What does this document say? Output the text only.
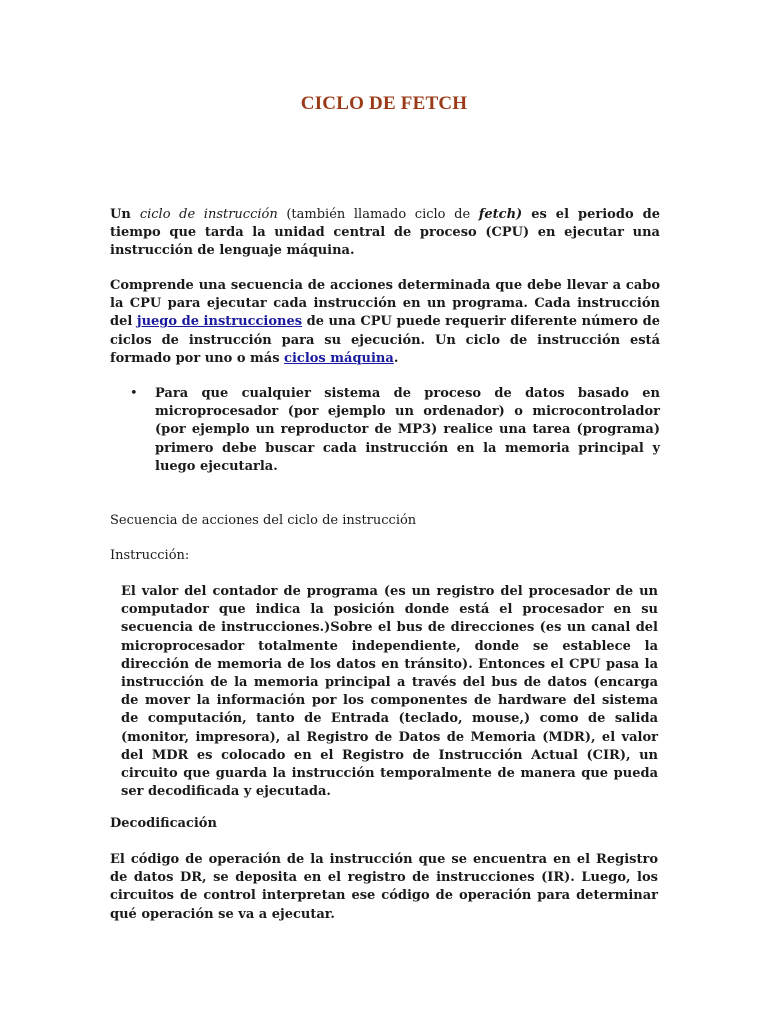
CICLO DE FETCH

Un ciclo de instrucción (también llamado ciclo de fetch) es el periodo de tiempo que tarda la unidad central de proceso (CPU) en ejecutar una instrucción de lenguaje máquina.

Comprende una secuencia de acciones determinada que debe llevar a cabo la CPU para ejecutar cada instrucción en un programa. Cada instrucción del juego de instrucciones de una CPU puede requerir diferente número de ciclos de instrucción para su ejecución. Un ciclo de instrucción está formado por uno o más ciclos máquina.

• Para que cualquier sistema de proceso de datos basado en microprocesador (por ejemplo un ordenador) o microcontrolador (por ejemplo un reproductor de MP3) realice una tarea (programa) primero debe buscar cada instrucción en la memoria principal y luego ejecutarla.
Secuencia de acciones del ciclo de instrucción
Instrucción:
El valor del contador de programa (es un registro del procesador de un computador que indica la posición donde está el procesador en su secuencia de instrucciones.)Sobre el bus de direcciones (es un canal del microprocesador totalmente independiente, donde se establece la dirección de memoria de los datos en tránsito). Entonces el CPU pasa la instrucción de la memoria principal a través del bus de datos (encarga de mover la información por los componentes de hardware del sistema de computación, tanto de Entrada (teclado, mouse,) como de salida (monitor, impresora), al Registro de Datos de Memoria (MDR), el valor del MDR es colocado en el Registro de Instrucción Actual (CIR), un circuito que guarda la instrucción temporalmente de manera que pueda ser decodificada y ejecutada.
Decodificación
El código de operación de la instrucción que se encuentra en el Registro de datos DR, se deposita en el registro de instrucciones (IR). Luego, los circuitos de control interpretan ese código de operación para determinar qué operación se va a ejecutar.
